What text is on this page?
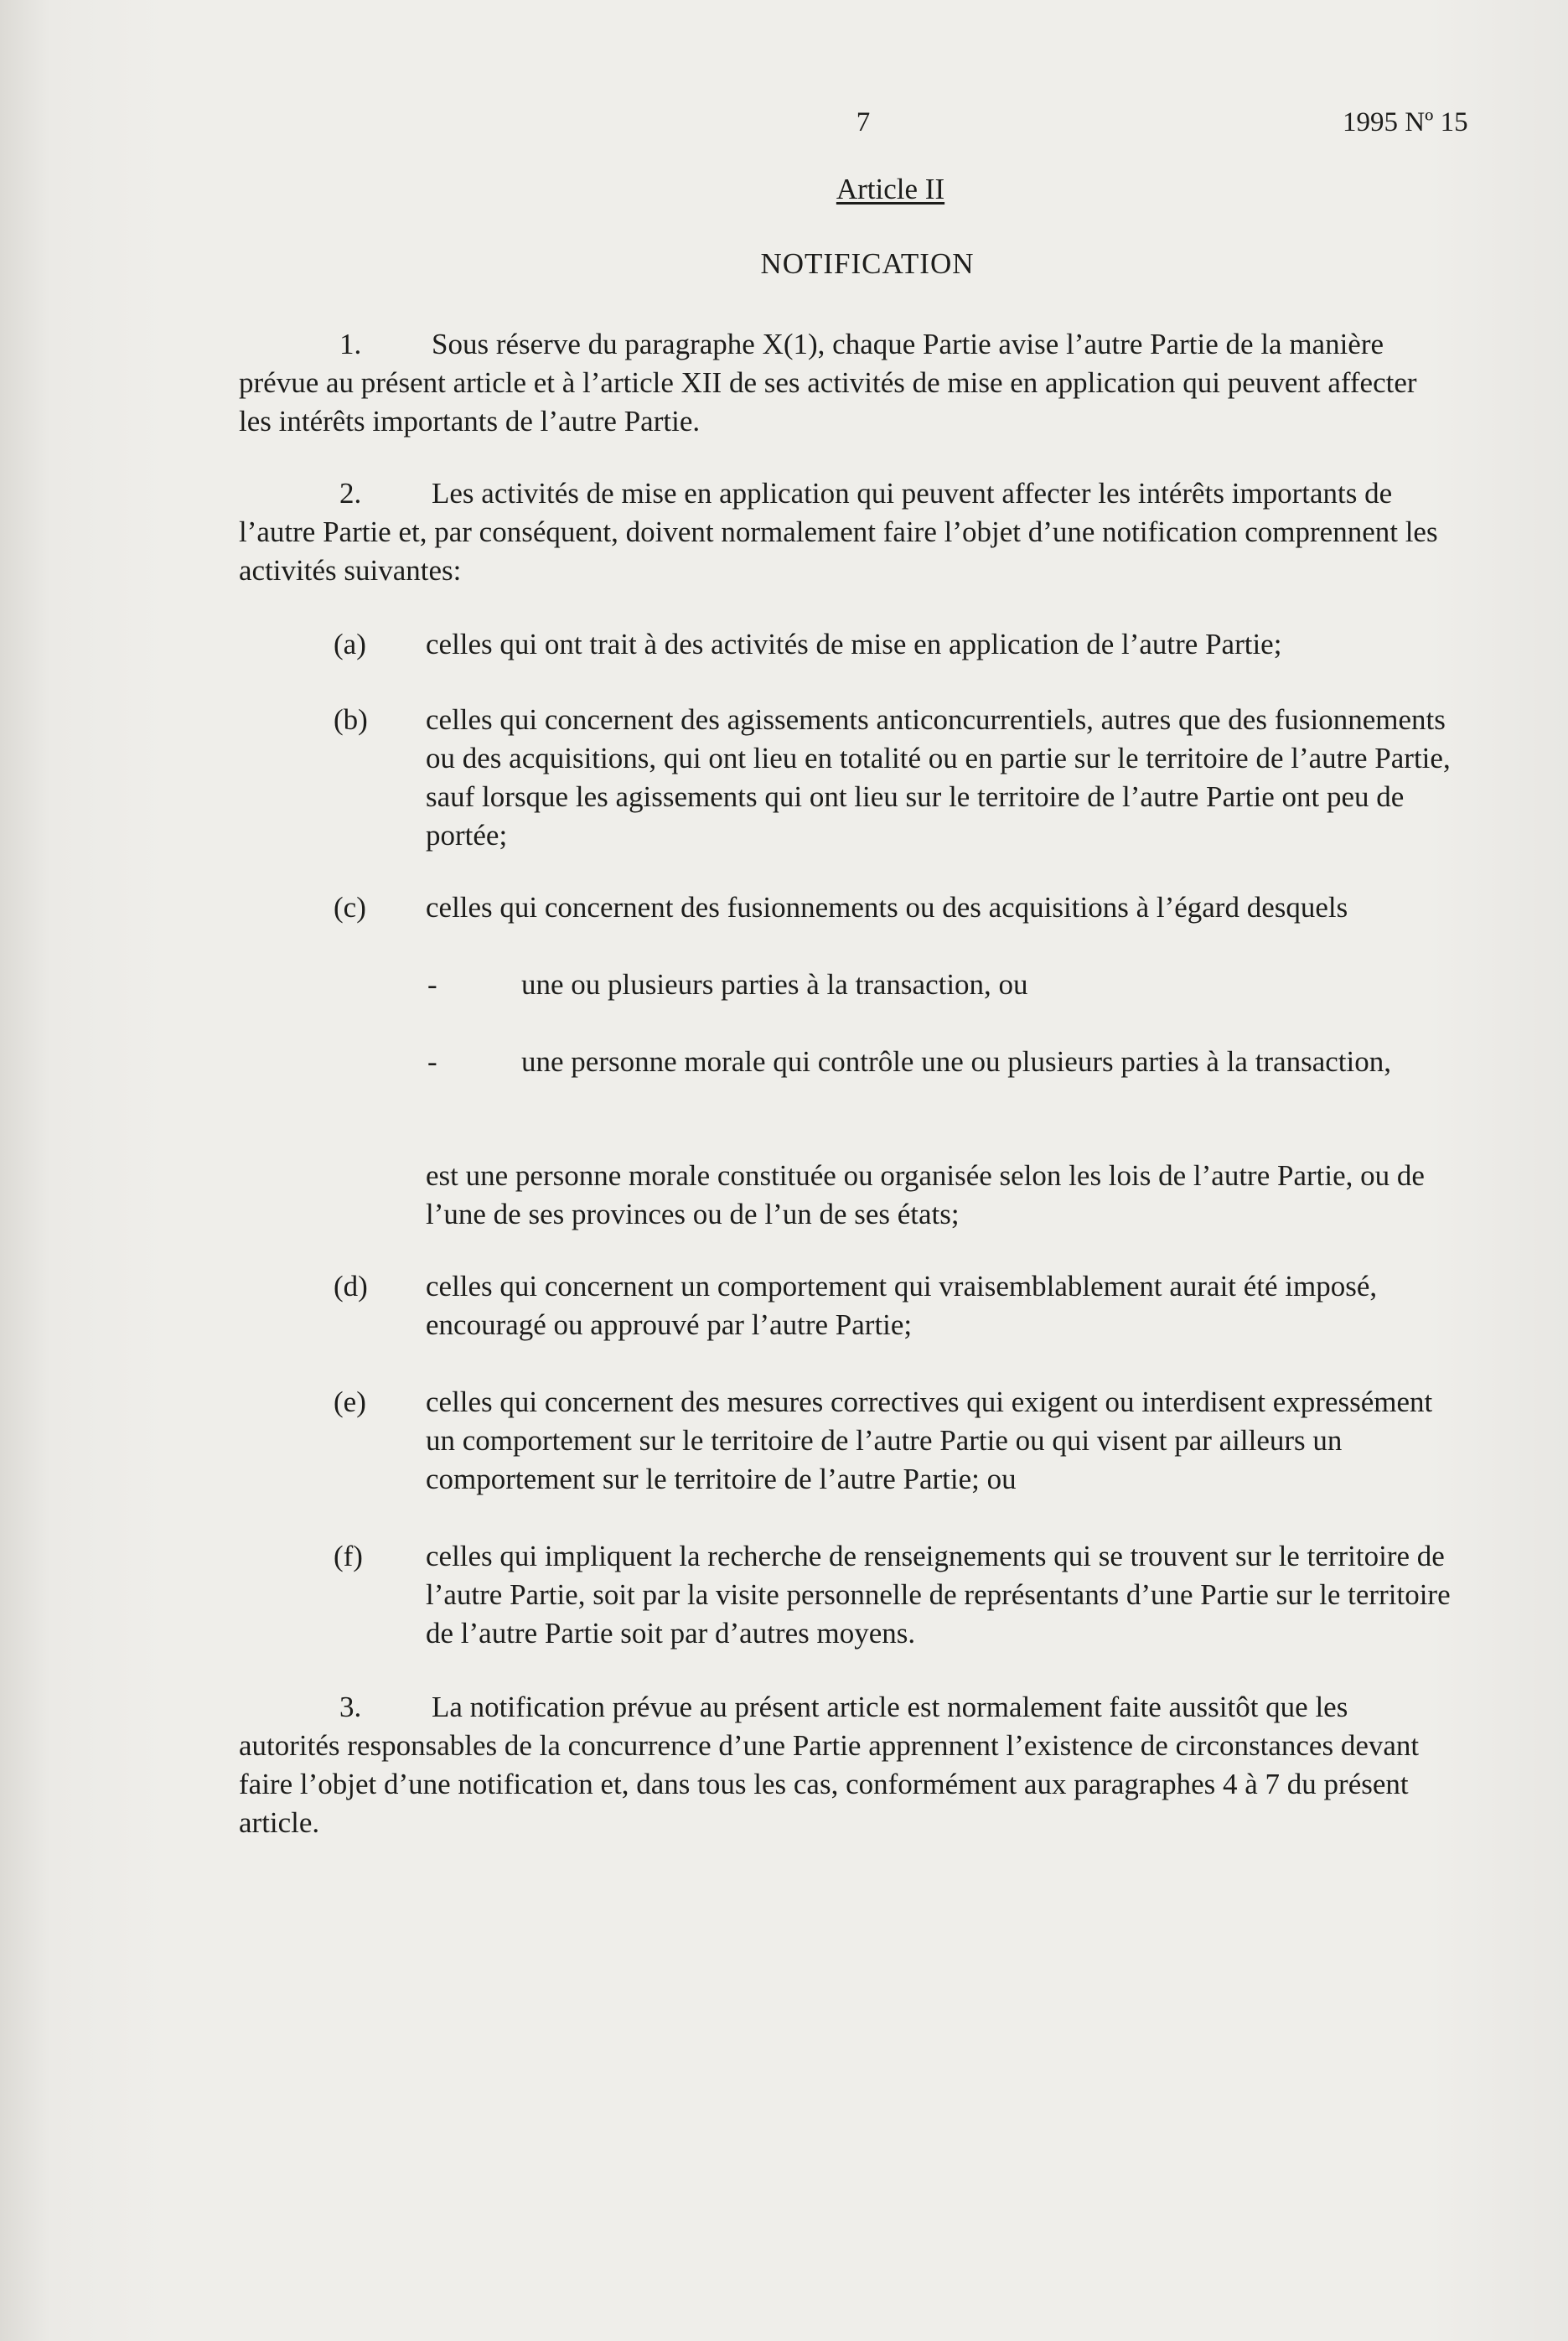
7	1995 Nº 15
Article II
NOTIFICATION
1. Sous réserve du paragraphe X(1), chaque Partie avise l’autre Partie de la manière prévue au présent article et à l’article XII de ses activités de mise en application qui peuvent affecter les intérêts importants de l’autre Partie.
2. Les activités de mise en application qui peuvent affecter les intérêts importants de l’autre Partie et, par conséquent, doivent normalement faire l’objet d’une notification comprennent les activités suivantes:
(a) celles qui ont trait à des activités de mise en application de l’autre Partie;
(b) celles qui concernent des agissements anticoncurrentiels, autres que des fusionnements ou des acquisitions, qui ont lieu en totalité ou en partie sur le territoire de l’autre Partie, sauf lorsque les agissements qui ont lieu sur le territoire de l’autre Partie ont peu de portée;
(c) celles qui concernent des fusionnements ou des acquisitions à l’égard desquels
-	une ou plusieurs parties à la transaction, ou
-	une personne morale qui contrôle une ou plusieurs parties à la transaction,
est une personne morale constituée ou organisée selon les lois de l’autre Partie, ou de l’une de ses provinces ou de l’un de ses états;
(d) celles qui concernent un comportement qui vraisemblablement aurait été imposé, encouragé ou approuvé par l’autre Partie;
(e) celles qui concernent des mesures correctives qui exigent ou interdisent expressément un comportement sur le territoire de l’autre Partie ou qui visent par ailleurs un comportement sur le territoire de l’autre Partie; ou
(f) celles qui impliquent la recherche de renseignements qui se trouvent sur le territoire de l’autre Partie, soit par la visite personnelle de représentants d’une Partie sur le territoire de l’autre Partie soit par d’autres moyens.
3. La notification prévue au présent article est normalement faite aussitôt que les autorités responsables de la concurrence d’une Partie apprennent l’existence de circonstances devant faire l’objet d’une notification et, dans tous les cas, conformément aux paragraphes 4 à 7 du présent article.
